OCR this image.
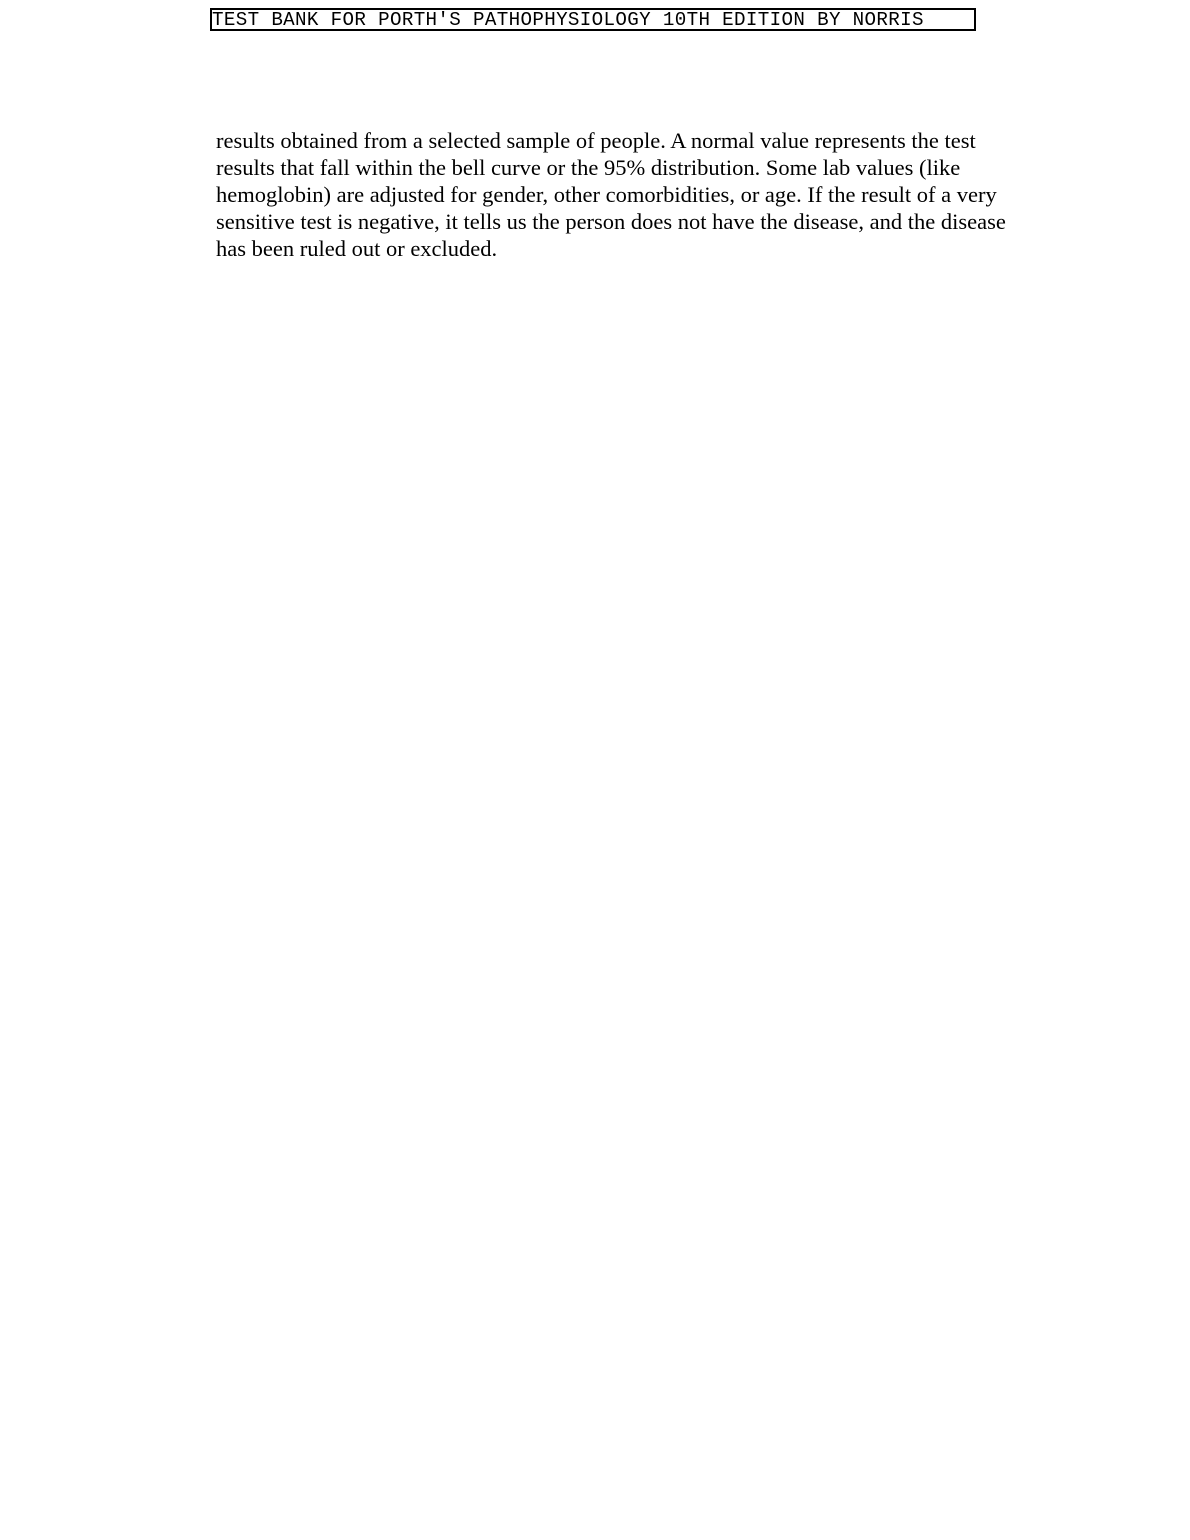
TEST BANK FOR PORTH'S PATHOPHYSIOLOGY 10TH EDITION BY NORRIS
results obtained from a selected sample of people. A normal value represents the test
results that fall within the bell curve or the 95% distribution. Some lab values (like
hemoglobin) are adjusted for gender, other comorbidities, or age. If the result of a very
sensitive test is negative, it tells us the person does not have the disease, and the disease
has been ruled out or excluded.
